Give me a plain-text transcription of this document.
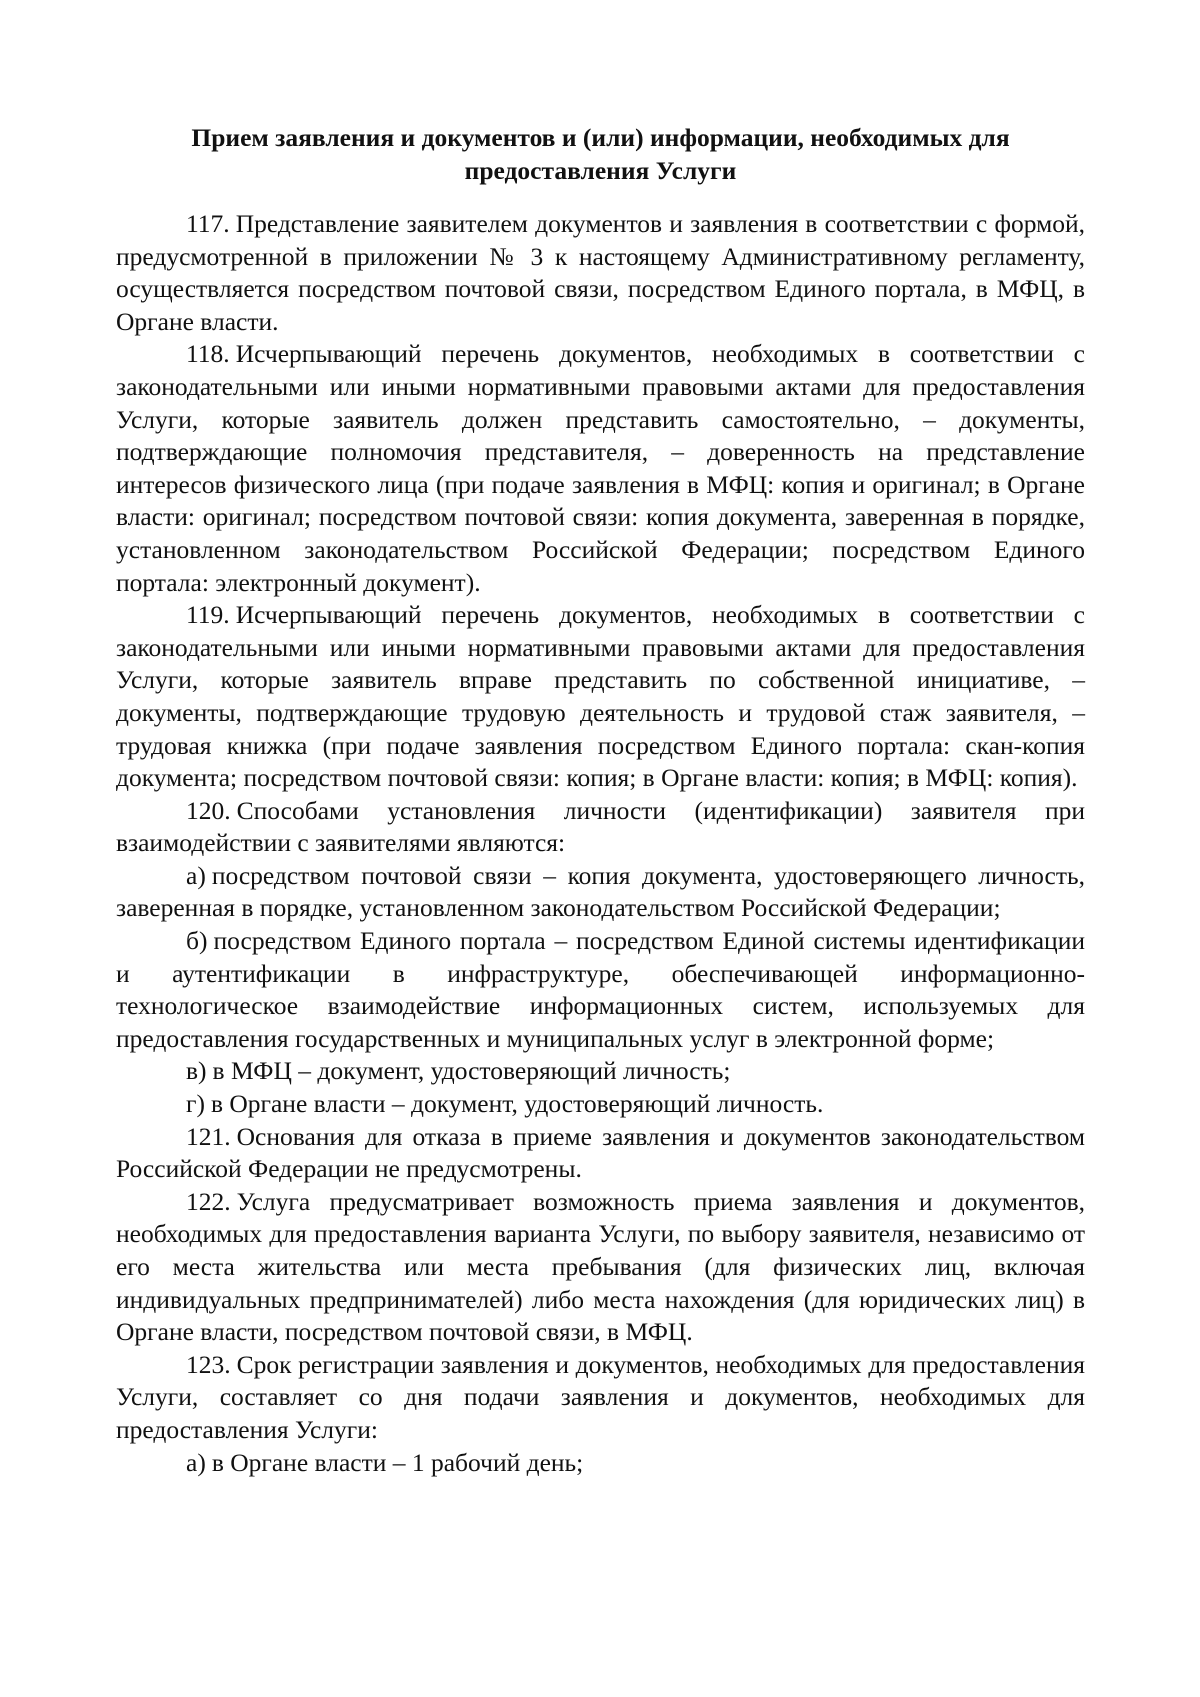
Прием заявления и документов и (или) информации, необходимых для предоставления Услуги

117. Представление заявителем документов и заявления в соответствии с формой, предусмотренной в приложении № 3 к настоящему Административному регламенту, осуществляется посредством почтовой связи, посредством Единого портала, в МФЦ, в Органе власти.

118. Исчерпывающий перечень документов, необходимых в соответствии с законодательными или иными нормативными правовыми актами для предоставления Услуги, которые заявитель должен представить самостоятельно, – документы, подтверждающие полномочия представителя, – доверенность на представление интересов физического лица (при подаче заявления в МФЦ: копия и оригинал; в Органе власти: оригинал; посредством почтовой связи: копия документа, заверенная в порядке, установленном законодательством Российской Федерации; посредством Единого портала: электронный документ).

119. Исчерпывающий перечень документов, необходимых в соответствии с законодательными или иными нормативными правовыми актами для предоставления Услуги, которые заявитель вправе представить по собственной инициативе, – документы, подтверждающие трудовую деятельность и трудовой стаж заявителя, – трудовая книжка (при подаче заявления посредством Единого портала: скан-копия документа; посредством почтовой связи: копия; в Органе власти: копия; в МФЦ: копия).

120. Способами установления личности (идентификации) заявителя при взаимодействии с заявителями являются:

а) посредством почтовой связи – копия документа, удостоверяющего личность, заверенная в порядке, установленном законодательством Российской Федерации;

б) посредством Единого портала – посредством Единой системы идентификации и аутентификации в инфраструктуре, обеспечивающей информационно-технологическое взаимодействие информационных систем, используемых для предоставления государственных и муниципальных услуг в электронной форме;

в) в МФЦ – документ, удостоверяющий личность;

г) в Органе власти – документ, удостоверяющий личность.

121. Основания для отказа в приеме заявления и документов законодательством Российской Федерации не предусмотрены.

122. Услуга предусматривает возможность приема заявления и документов, необходимых для предоставления варианта Услуги, по выбору заявителя, независимо от его места жительства или места пребывания (для физических лиц, включая индивидуальных предпринимателей) либо места нахождения (для юридических лиц) в Органе власти, посредством почтовой связи, в МФЦ.

123. Срок регистрации заявления и документов, необходимых для предоставления Услуги, составляет со дня подачи заявления и документов, необходимых для предоставления Услуги:

а) в Органе власти – 1 рабочий день;
